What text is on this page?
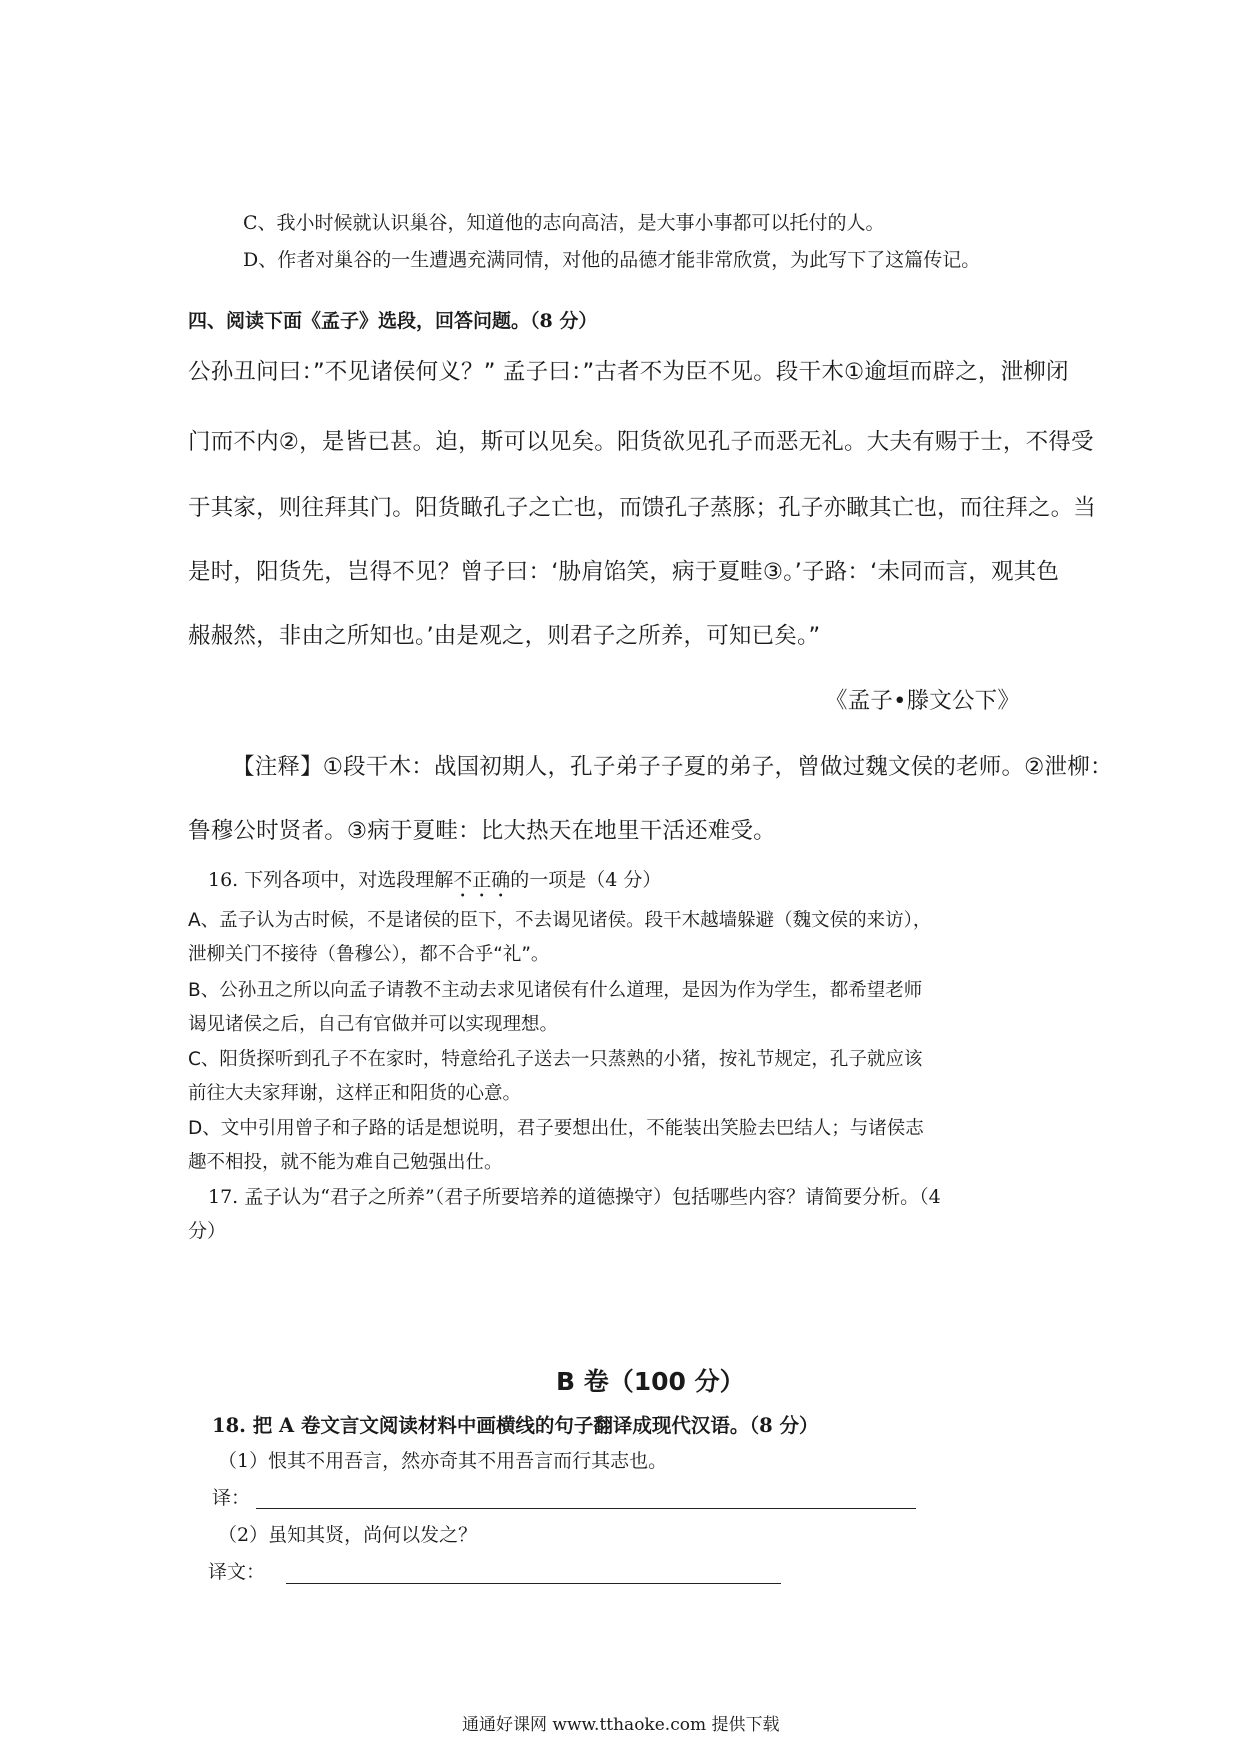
C、我小时候就认识巢谷，知道他的志向高洁，是大事小事都可以托付的人。
D、作者对巢谷的一生遭遇充满同情，对他的品德才能非常欣赏，为此写下了这篇传记。
四、阅读下面《孟子》选段，回答问题。（8 分）
公孙丑问曰：”不见诸侯何义？” 孟子曰：”古者不为臣不见。段干木①逾垣而辟之，泄柳闭
门而不内②，是皆已甚。迫，斯可以见矣。阳货欲见孔子而恶无礼。大夫有赐于士，不得受
于其家，则往拜其门。阳货瞰孔子之亡也，而馈孔子蒸豚；孔子亦瞰其亡也，而往拜之。当
是时，阳货先，岂得不见？曾子曰：‘胁肩馅笑，病于夏畦③。’子路：‘未同而言，观其色
赧赧然，非由之所知也。’由是观之，则君子之所养，可知已矣。”
《孟子•滕文公下》
【注释】①段干木：战国初期人，孔子弟子子夏的弟子，曾做过魏文侯的老师。②泄柳：
鲁穆公时贤者。③病于夏畦：比大热天在地里干活还难受。
16. 下列各项中，对选段理解不正确的一项是（4 分）
A、孟子认为古时候，不是诸侯的臣下，不去谒见诸侯。段干木越墙躲避（魏文侯的来访），
泄柳关门不接待（鲁穆公），都不合乎“礼”。
B、公孙丑之所以向孟子请教不主动去求见诸侯有什么道理，是因为作为学生，都希望老师
谒见诸侯之后，自己有官做并可以实现理想。
C、阳货探听到孔子不在家时，特意给孔子送去一只蒸熟的小猪，按礼节规定，孔子就应该
前往大夫家拜谢，这样正和阳货的心意。
D、文中引用曾子和子路的话是想说明，君子要想出仕，不能装出笑脸去巴结人；与诸侯志
趣不相投，就不能为难自己勉强出仕。
17. 孟子认为“君子之所养”（君子所要培养的道德操守）包括哪些内容？请简要分析。（4
分）
B 卷（100 分）
18. 把 A 卷文言文阅读材料中画横线的句子翻译成现代汉语。（8 分）
（1）恨其不用吾言，然亦奇其不用吾言而行其志也。
译：
（2）虽知其贤，尚何以发之？
译文：
通通好课网 www.tthaoke.com 提供下载
